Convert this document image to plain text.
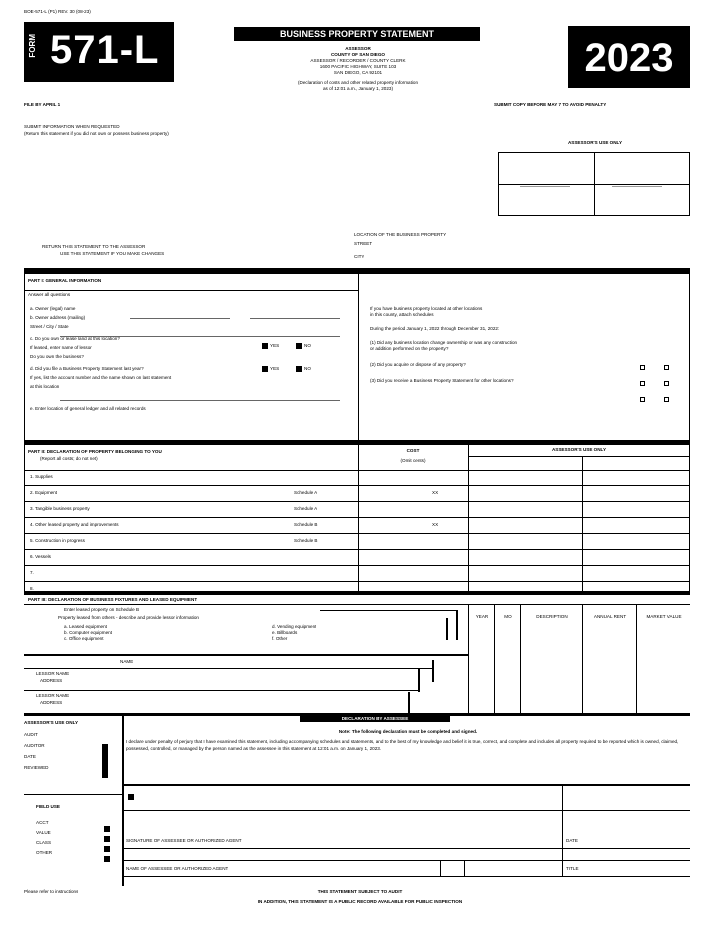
BOE-571-L (P1) REV. 30 (08-23)
FORM 571-L	BUSINESS PROPERTY STATEMENT
2023
ASSESSOR
COUNTY OF SAN DIEGO
ASSESSOR / RECORDER / COUNTY CLERK
1600 PACIFIC HIGHWAY, SUITE 103
SAN DIEGO, CA 92101
(Declaration of costs and other related property information
as of 12:01 a.m., January 1, 2023)
FILE BY APRIL 1	SUBMIT COPY BEFORE MAY 7 TO AVOID PENALTY
SUBMIT INFORMATION WHEN REQUESTED
(Return this statement if you did not own or possess business property)
ASSESSOR'S USE ONLY
RETURN THIS STATEMENT TO THE ASSESSOR
USE THIS STATEMENT IF YOU MAKE CHANGES
LOCATION OF THE BUSINESS PROPERTY
STREET
CITY
PART I: GENERAL INFORMATION
Answer all questions
a. Owner (legal) name
b. Owner address (mailing)
Street / City / State
c. Do you own or lease land at this location?
If leased, enter name of lessor
Do you own the business?
d. Did you file a Business Property Statement last year?
If yes, list the account number and the name shown on last statement
at this location
e. Enter location of general ledger and all related records
YES	NO
YES	NO
If you have business property located at other locations
in this county, attach schedules
During the period January 1, 2022 through December 31, 2022:
(1) Did any business location change ownership or was any construction
or addition performed on the property?
(2) Did you acquire or dispose of any property?
(3) Did you receive a Business Property Statement for other locations?
PART II: DECLARATION OF PROPERTY BELONGING TO YOU
(Report all costs; do not net)
COST
(Omit cents)
ASSESSOR'S USE ONLY
1. Supplies
2. Equipment	Schedule A	XX
3. Tangible business property	Schedule A
4. Other leased property and improvements	Schedule B	XX
5. Construction in progress	Schedule B
6. Vessels
7.
8.
PART III: DECLARATION OF BUSINESS FIXTURES AND LEASED EQUIPMENT
Enter leased property on Schedule B
Property leased from others - describe and provide lessor information
a. Leased equipment
b. Computer equipment
c. Office equipment
d. Vending equipment
e. Billboards
f. Other
YEAR	MO	DESCRIPTION	ANNUAL RENT	MARKET VALUE
NAME
LESSOR NAME
ADDRESS
LESSOR NAME
ADDRESS
DECLARATION BY ASSESSEE
Note: The following declaration must be completed and signed.
I declare under penalty of perjury that I have examined this statement, including accompanying schedules and statements, and to the best of my knowledge and belief it is true, correct, and complete and includes all property required to be reported which is owned, claimed, possessed, controlled, or managed by the person named as the assessee in this statement at 12:01 a.m. on January 1, 2023.
SIGNATURE OF ASSESSEE OR AUTHORIZED AGENT	DATE
NAME OF ASSESSEE OR AUTHORIZED AGENT	TITLE
ASSESSOR'S USE ONLY
AUDIT
AUDITOR
DATE
REVIEWED
FIELD USE
ACCT
VALUE
CLASS
OTHER
Please refer to instructions	THIS STATEMENT SUBJECT TO AUDIT
IN ADDITION, THIS STATEMENT IS A PUBLIC RECORD AVAILABLE FOR PUBLIC INSPECTION
